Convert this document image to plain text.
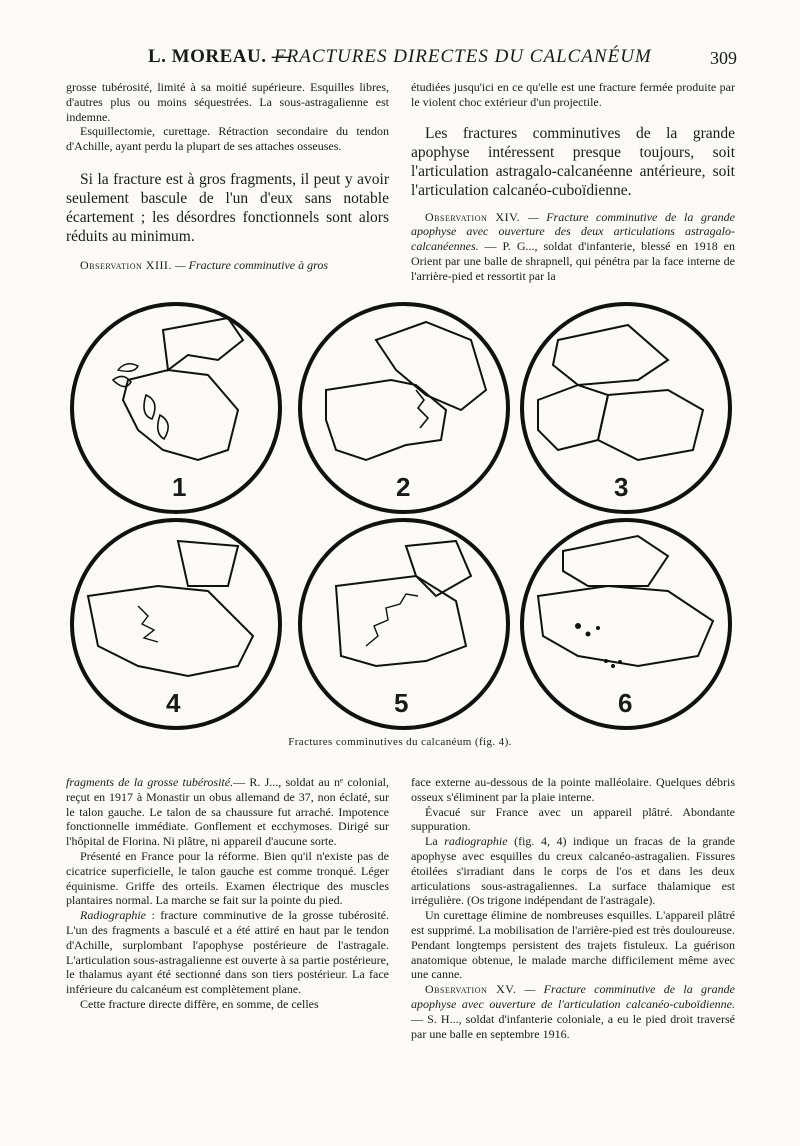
L. MOREAU. —
FRACTURES DIRECTES DU CALCANÉUM	309

grosse tubérosité, limité à sa moitié supérieure. Esquilles libres, d'autres plus ou moins séquestrées. La sous-astragalienne est indemne.

Esquillectomie, curettage. Rétraction secondaire du tendon d'Achille, ayant perdu la plupart de ses attaches osseuses.

Si la fracture est à gros fragments, il peut y avoir seulement bascule de l'un d'eux sans notable écartement ; les désordres fonctionnels sont alors réduits au minimum.

Observation XIII. — Fracture comminutive à gros

étudiées jusqu'ici en ce qu'elle est une fracture fermée produite par le violent choc extérieur d'un projectile.

Les fractures comminutives de la grande apophyse intéressent presque toujours, soit l'articulation astragalo-calcanéenne antérieure, soit l'articulation calcanéo-cuboïdienne.

Observation XIV. — Fracture comminutive de la grande apophyse avec ouverture des deux articulations astragalo-calcanéennes. — P. G..., soldat d'infanterie, blessé en 1918 en Orient par une balle de shrapnell, qui pénétra par la face interne de l'arrière-pied et ressortit par la

1	2	3
4	5	6
Fractures comminutives du calcanéum (fig. 4).

fragments de la grosse tubérosité.— R. J..., soldat au nᵉ colonial, reçut en 1917 à Monastir un obus allemand de 37, non éclaté, sur le talon gauche. Le talon de sa chaussure fut arraché. Impotence fonctionnelle immédiate. Gonflement et ecchymoses. Dirigé sur l'hôpital de Florina. Ni plâtre, ni appareil d'aucune sorte.

Présenté en France pour la réforme. Bien qu'il n'existe pas de cicatrice superficielle, le talon gauche est comme tronqué. Léger équinisme. Griffe des orteils. Examen électrique des muscles plantaires normal. La marche se fait sur la pointe du pied.

Radiographie : fracture comminutive de la grosse tubérosité. L'un des fragments a basculé et a été attiré en haut par le tendon d'Achille, surplombant l'apophyse postérieure de l'astragale. L'articulation sous-astragalienne est ouverte à sa partie postérieure, le thalamus ayant été sectionné dans son tiers postérieur. La face inférieure du calcanéum est complètement plane.

Cette fracture directe diffère, en somme, de celles

face externe au-dessous de la pointe malléolaire. Quelques débris osseux s'éliminent par la plaie interne.

Évacué sur France avec un appareil plâtré. Abondante suppuration.

La radiographie (fig. 4, 4) indique un fracas de la grande apophyse avec esquilles du creux calcanéo-astragalien. Fissures étoilées s'irradiant dans le corps de l'os et dans les deux articulations sous-astragaliennes. La surface thalamique est irrégulière. (Os trigone indépendant de l'astragale).

Un curettage élimine de nombreuses esquilles. L'appareil plâtré est supprimé. La mobilisation de l'arrière-pied est très douloureuse. Pendant longtemps persistent des trajets fistuleux. La guérison anatomique obtenue, le malade marche difficilement même avec une canne.

Observation XV. — Fracture comminutive de la grande apophyse avec ouverture de l'articulation calcanéo-cuboïdienne. — S. H..., soldat d'infanterie coloniale, a eu le pied droit traversé par une balle en septembre 1916.
